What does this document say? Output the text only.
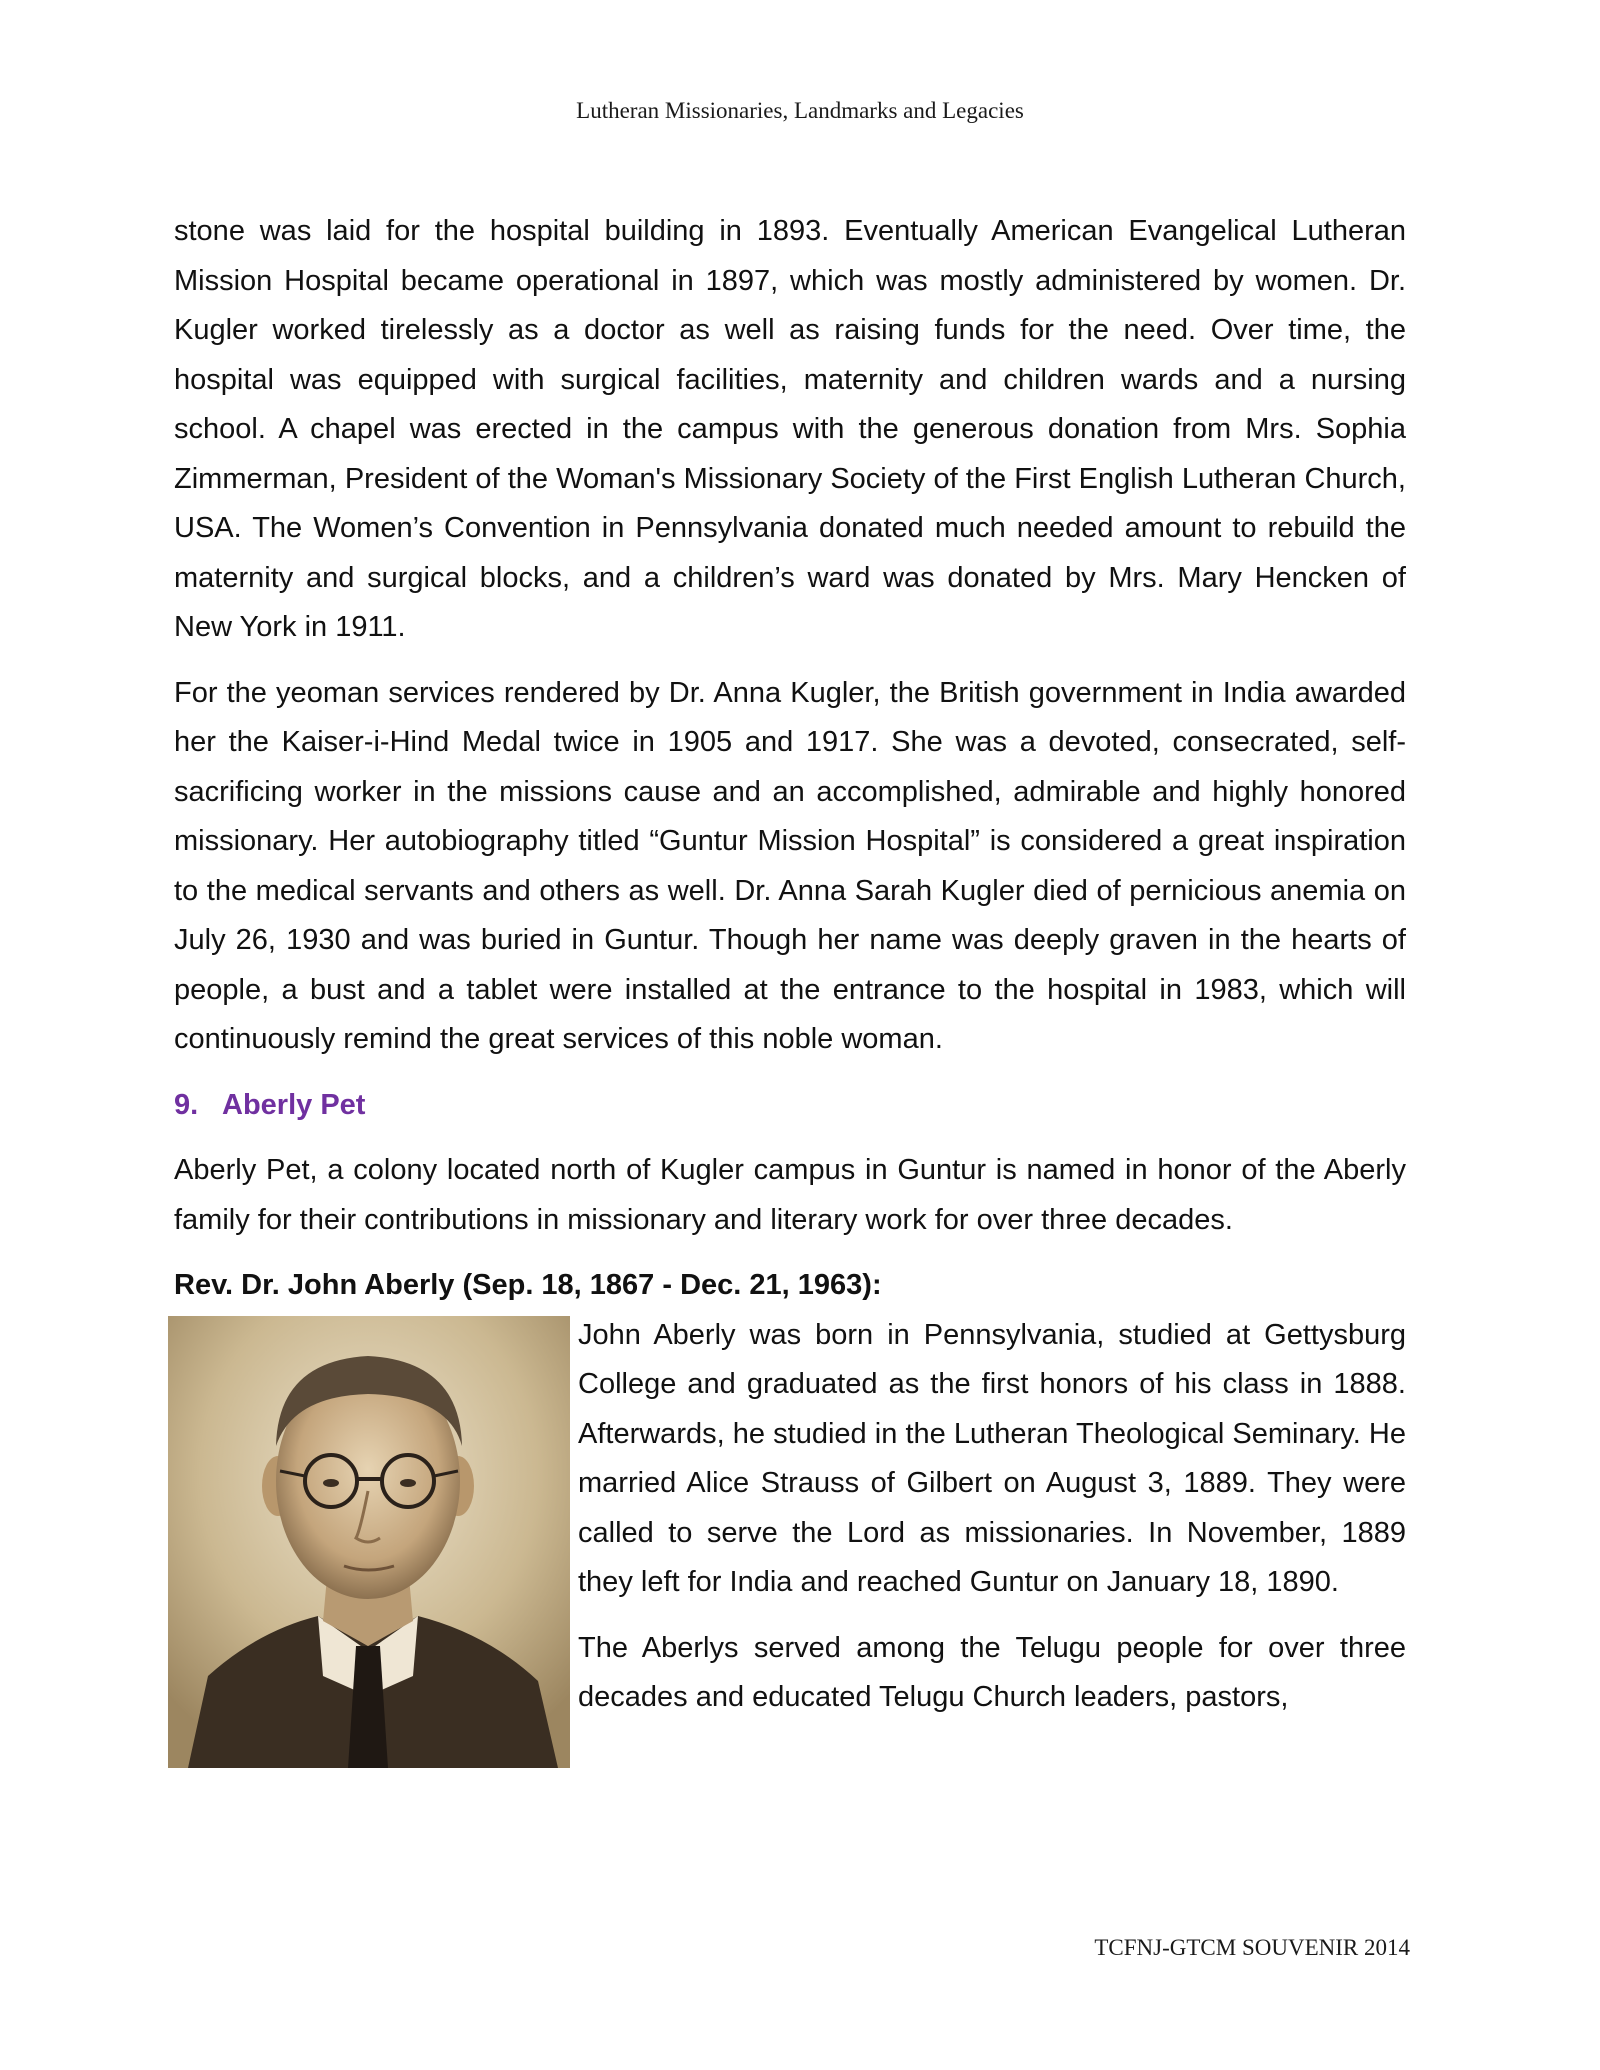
Lutheran Missionaries, Landmarks and Legacies

stone was laid for the hospital building in 1893. Eventually American Evangelical Lutheran Mission Hospital became operational in 1897, which was mostly administered by women. Dr. Kugler worked tirelessly as a doctor as well as raising funds for the need. Over time, the hospital was equipped with surgical facilities, maternity and children wards and a nursing school. A chapel was erected in the campus with the generous donation from Mrs. Sophia Zimmerman, President of the Woman's Missionary Society of the First English Lutheran Church, USA. The Women’s Convention in Pennsylvania donated much needed amount to rebuild the maternity and surgical blocks, and a children’s ward was donated by Mrs. Mary Hencken of New York in 1911.

For the yeoman services rendered by Dr. Anna Kugler, the British government in India awarded her the Kaiser-i-Hind Medal twice in 1905 and 1917. She was a devoted, consecrated, self-sacrificing worker in the missions cause and an accomplished, admirable and highly honored missionary. Her autobiography titled “Guntur Mission Hospital” is considered a great inspiration to the medical servants and others as well. Dr. Anna Sarah Kugler died of pernicious anemia on July 26, 1930 and was buried in Guntur. Though her name was deeply graven in the hearts of people, a bust and a tablet were installed at the entrance to the hospital in 1983, which will continuously remind the great services of this noble woman.

9. Aberly Pet

Aberly Pet, a colony located north of Kugler campus in Guntur is named in honor of the Aberly family for their contributions in missionary and literary work for over three decades.

Rev. Dr. John Aberly (Sep. 18, 1867 - Dec. 21, 1963):

John Aberly was born in Pennsylvania, studied at Gettysburg College and graduated as the first honors of his class in 1888. Afterwards, he studied in the Lutheran Theological Seminary. He married Alice Strauss of Gilbert on August 3, 1889. They were called to serve the Lord as missionaries. In November, 1889 they left for India and reached Guntur on January 18, 1890.

The Aberlys served among the Telugu people for over three decades and educated Telugu Church leaders, pastors,

TCFNJ-GTCM SOUVENIR 2014
